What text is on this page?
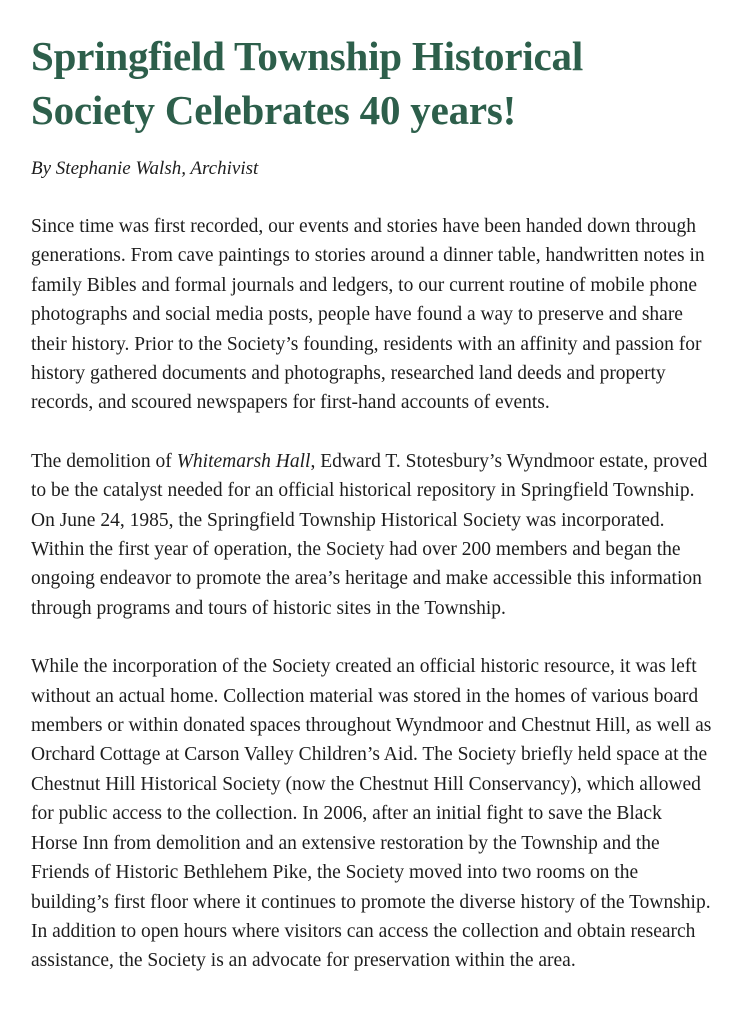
Springfield Township Historical Society Celebrates 40 years!

By Stephanie Walsh, Archivist

Since time was first recorded, our events and stories have been handed down through generations. From cave paintings to stories around a dinner table, handwritten notes in family Bibles and formal journals and ledgers, to our current routine of mobile phone photographs and social media posts, people have found a way to preserve and share their history. Prior to the Society’s founding, residents with an affinity and passion for history gathered documents and photographs, researched land deeds and property records, and scoured newspapers for first-hand accounts of events.

The demolition of Whitemarsh Hall, Edward T. Stotesbury’s Wyndmoor estate, proved to be the catalyst needed for an official historical repository in Springfield Township. On June 24, 1985, the Springfield Township Historical Society was incorporated. Within the first year of operation, the Society had over 200 members and began the ongoing endeavor to promote the area’s heritage and make accessible this information through programs and tours of historic sites in the Township.

While the incorporation of the Society created an official historic resource, it was left without an actual home. Collection material was stored in the homes of various board members or within donated spaces throughout Wyndmoor and Chestnut Hill, as well as Orchard Cottage at Carson Valley Children’s Aid. The Society briefly held space at the Chestnut Hill Historical Society (now the Chestnut Hill Conservancy), which allowed for public access to the collection. In 2006, after an initial fight to save the Black Horse Inn from demolition and an extensive restoration by the Township and the Friends of Historic Bethlehem Pike, the Society moved into two rooms on the building’s first floor where it continues to promote the diverse history of the Township. In addition to open hours where visitors can access the collection and obtain research assistance, the Society is an advocate for preservation within the area.
